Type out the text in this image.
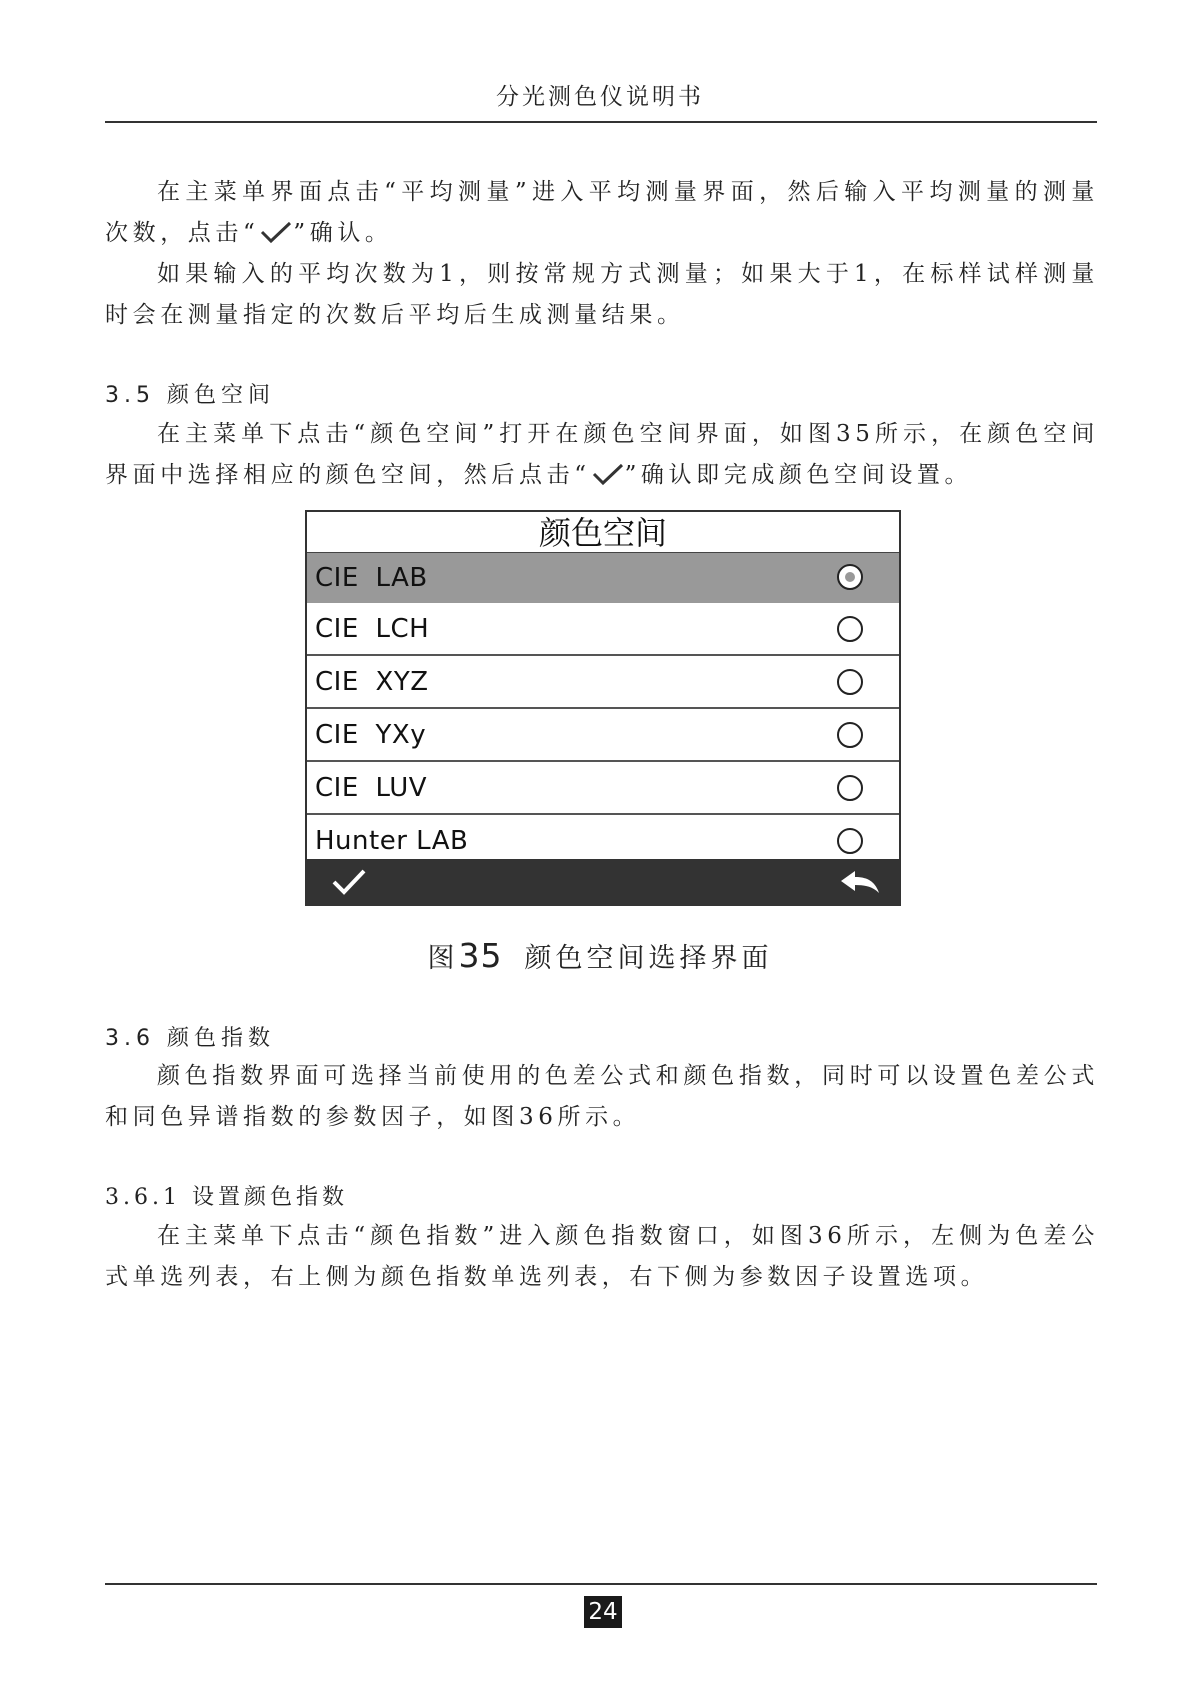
分光测色仪说明书

在主菜单界面点击“平均测量”进入平均测量界面，然后输入平均测量的测量次数，点击“ ”确认。

如果输入的平均次数为1，则按常规方式测量；如果大于1，在标样试样测量时会在测量指定的次数后平均后生成测量结果。

3.5 颜色空间

在主菜单下点击“颜色空间”打开在颜色空间界面，如图35所示，在颜色空间界面中选择相应的颜色空间，然后点击“ ”确认即完成颜色空间设置。

颜色空间
CIE LAB
CIE LCH
CIE XYZ
CIE YXy
CIE LUV
Hunter LAB
图35 颜色空间选择界面
3.6 颜色指数

颜色指数界面可选择当前使用的色差公式和颜色指数，同时可以设置色差公式和同色异谱指数的参数因子，如图36所示。

3.6.1 设置颜色指数

在主菜单下点击“颜色指数”进入颜色指数窗口，如图36所示，左侧为色差公式单选列表，右上侧为颜色指数单选列表，右下侧为参数因子设置选项。

24
